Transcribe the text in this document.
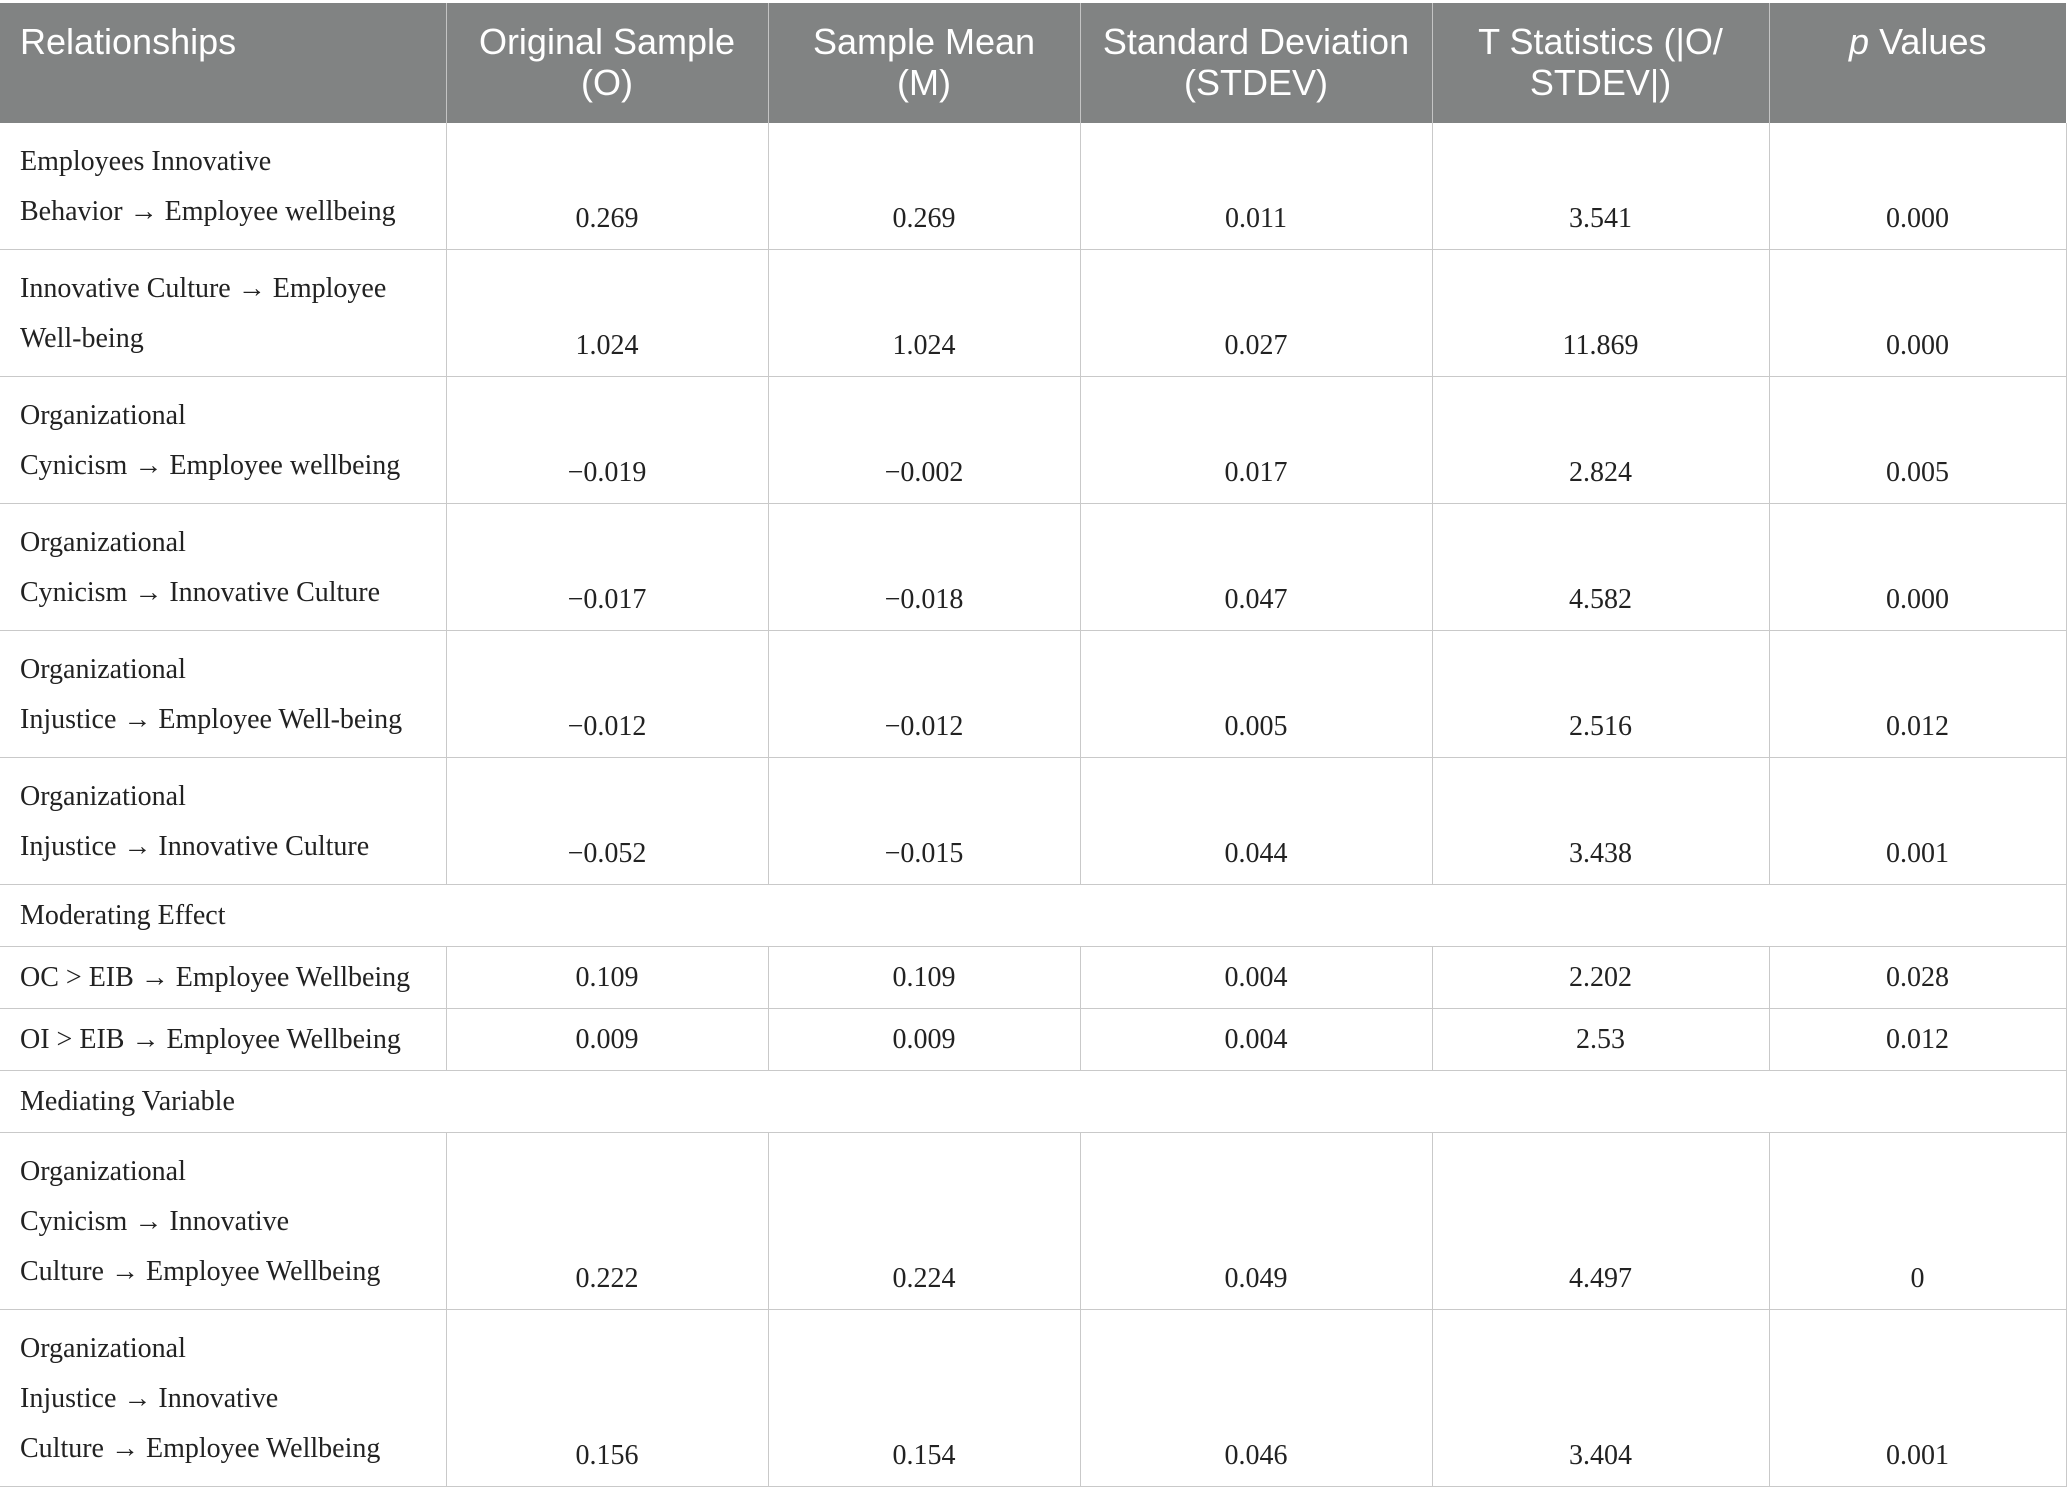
Relationships	Original Sample (O)	Sample Mean (M)	Standard Deviation (STDEV)	T Statistics (|O/ STDEV|)	p Values

Employees Innovative
Behavior → Employee wellbeing	0.269	0.269	0.011	3.541	0.000

Innovative Culture → Employee
Well-being	1.024	1.024	0.027	11.869	0.000

Organizational
Cynicism → Employee wellbeing	−0.019	−0.002	0.017	2.824	0.005

Organizational
Cynicism → Innovative Culture	−0.017	−0.018	0.047	4.582	0.000

Organizational
Injustice → Employee Well-being	−0.012	−0.012	0.005	2.516	0.012

Organizational
Injustice → Innovative Culture	−0.052	−0.015	0.044	3.438	0.001
Moderating Effect					
OC > EIB → Employee Wellbeing	0.109	0.109	0.004	2.202	0.028
OI > EIB → Employee Wellbeing	0.009	0.009	0.004	2.53	0.012
Mediating Variable					

Organizational
Cynicism → Innovative
Culture → Employee Wellbeing	0.222	0.224	0.049	4.497	0

Organizational
Injustice → Innovative
Culture → Employee Wellbeing	0.156	0.154	0.046	3.404	0.001
